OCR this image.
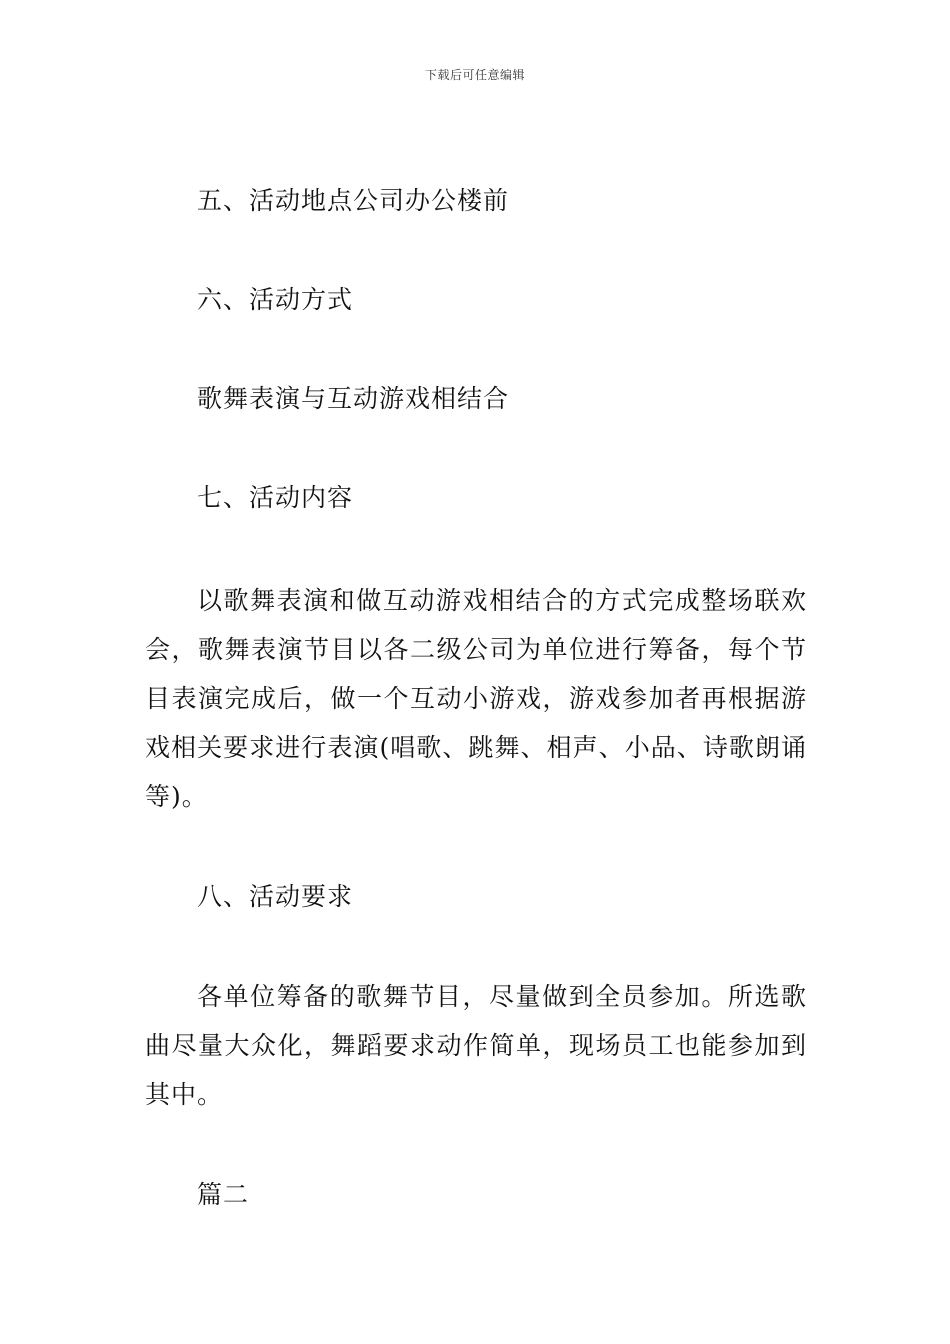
下载后可任意编辑

五、活动地点公司办公楼前

六、活动方式

歌舞表演与互动游戏相结合

七、活动内容

以歌舞表演和做互动游戏相结合的方式完成整场联欢会，歌舞表演节目以各二级公司为单位进行筹备，每个节目表演完成后，做一个互动小游戏，游戏参加者再根据游戏相关要求进行表演(唱歌、跳舞、相声、小品、诗歌朗诵等)。

八、活动要求

各单位筹备的歌舞节目，尽量做到全员参加。所选歌曲尽量大众化，舞蹈要求动作简单，现场员工也能参加到其中。

篇二
